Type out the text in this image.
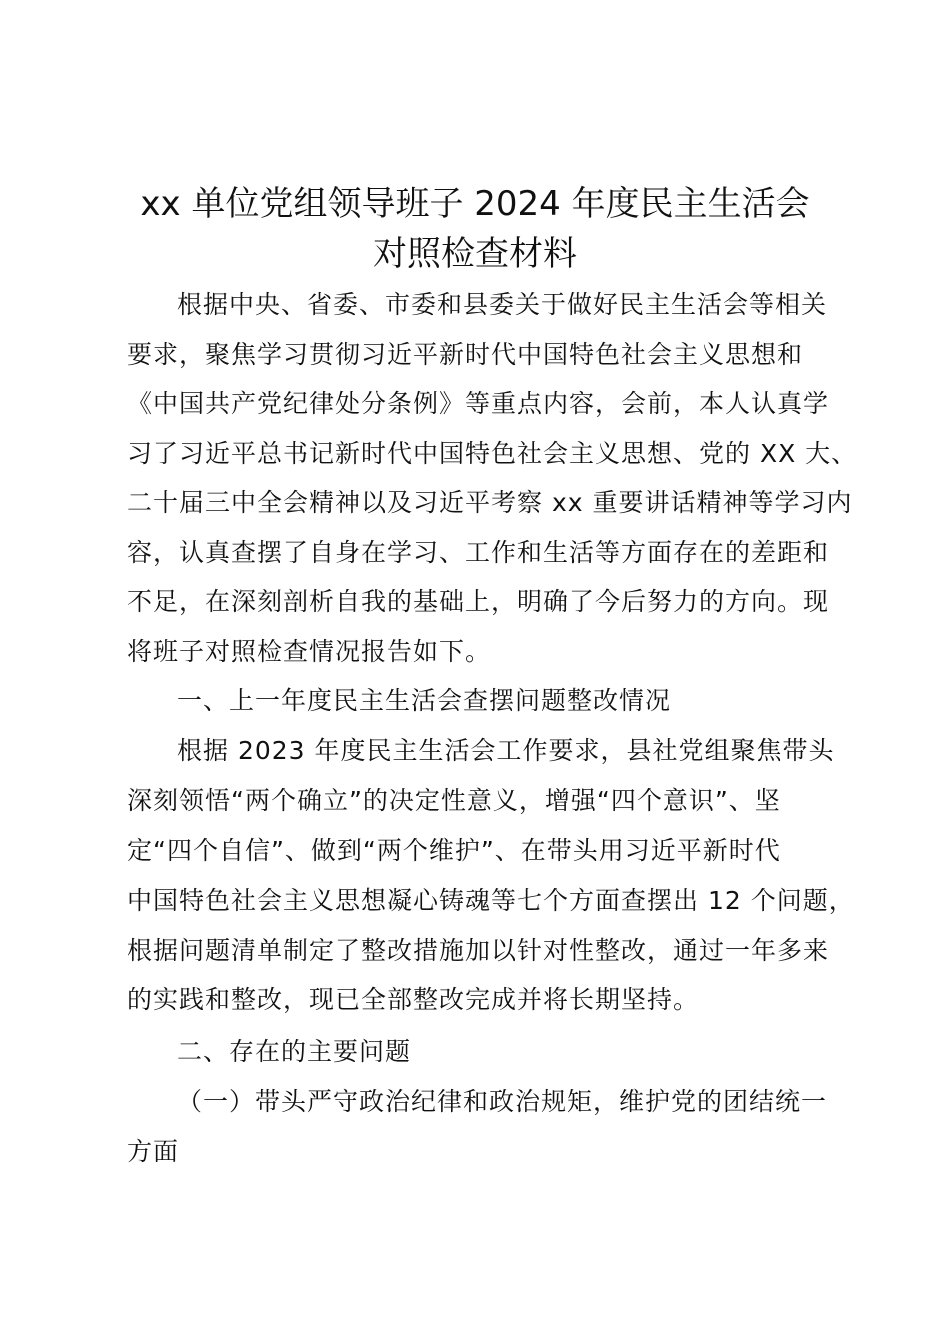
xx 单位党组领导班子 2024 年度民主生活会
对照检查材料
根据中央、省委、市委和县委关于做好民主生活会等相关
要求，聚焦学习贯彻习近平新时代中国特色社会主义思想和
《中国共产党纪律处分条例》等重点内容，会前，本人认真学
习了习近平总书记新时代中国特色社会主义思想、党的 XX 大、
二十届三中全会精神以及习近平考察 xx 重要讲话精神等学习内
容，认真查摆了自身在学习、工作和生活等方面存在的差距和
不足，在深刻剖析自我的基础上，明确了今后努力的方向。现
将班子对照检查情况报告如下。
一、上一年度民主生活会查摆问题整改情况
根据 2023 年度民主生活会工作要求，县社党组聚焦带头
深刻领悟“两个确立”的决定性意义，增强“四个意识”、坚
定“四个自信”、做到“两个维护”、在带头用习近平新时代
中国特色社会主义思想凝心铸魂等七个方面查摆出 12 个问题，
根据问题清单制定了整改措施加以针对性整改，通过一年多来
的实践和整改，现已全部整改完成并将长期坚持。
二、存在的主要问题
（一）带头严守政治纪律和政治规矩，维护党的团结统一
方面
